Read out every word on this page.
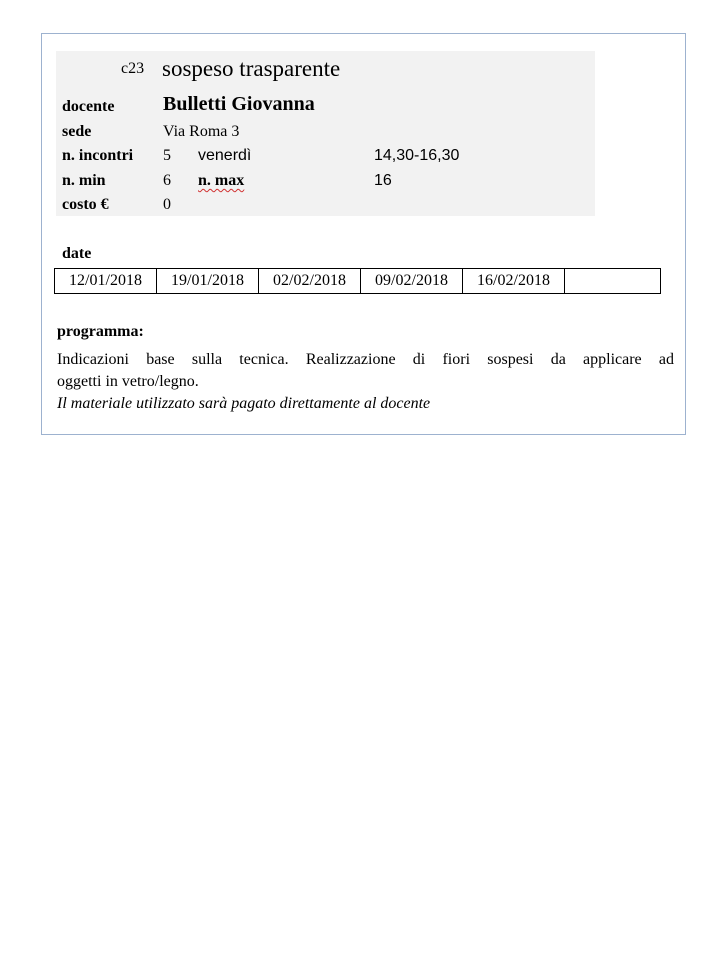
c23 sospeso trasparente
docente Bulletti Giovanna
sede	Via Roma 3
n. incontri 5 venerdì	14,30-16,30
n. min	6 n. max	16
costo €	0
date
12/01/2018	19/01/2018	02/02/2018	09/02/2018	16/02/2018
programma:

Indicazioni base sulla tecnica. Realizzazione di fiori sospesi da applicare ad

oggetti in vetro/legno.

Il materiale utilizzato sarà pagato direttamente al docente
